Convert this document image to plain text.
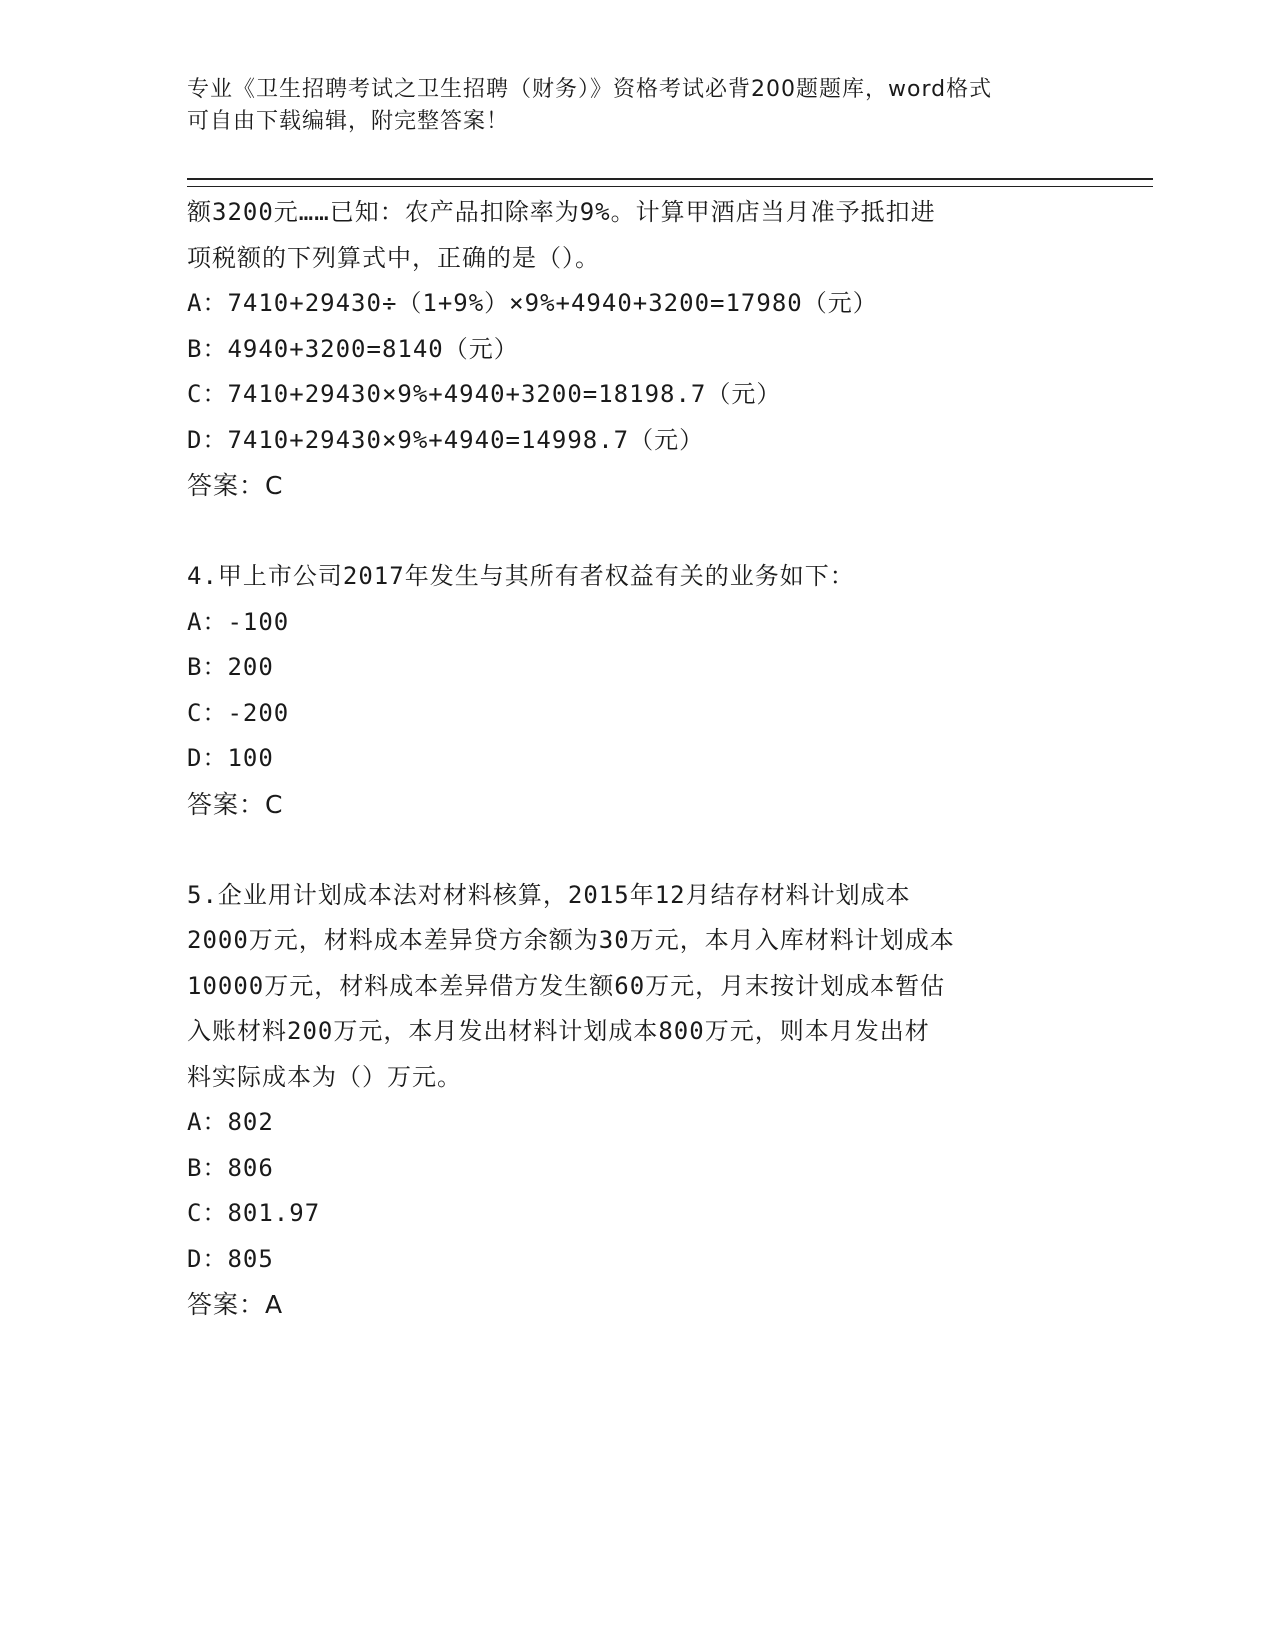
专业《卫生招聘考试之卫生招聘（财务）》资格考试必背200题题库，word格式
可自由下载编辑，附完整答案！
额3200元……已知：农产品扣除率为9%。计算甲酒店当月准予抵扣进
项税额的下列算式中，正确的是（）。
A：7410+29430÷（1+9%）×9%+4940+3200=17980（元）
B：4940+3200=8140（元）
C：7410+29430×9%+4940+3200=18198.7（元）
D：7410+29430×9%+4940=14998.7（元）
答案：C
4.甲上市公司2017年发生与其所有者权益有关的业务如下：
A：-100
B：200
C：-200
D：100
答案：C
5.企业用计划成本法对材料核算，2015年12月结存材料计划成本
2000万元，材料成本差异贷方余额为30万元，本月入库材料计划成本
10000万元，材料成本差异借方发生额60万元，月末按计划成本暂估
入账材料200万元，本月发出材料计划成本800万元，则本月发出材
料实际成本为（）万元。
A：802
B：806
C：801.97
D：805
答案：A
